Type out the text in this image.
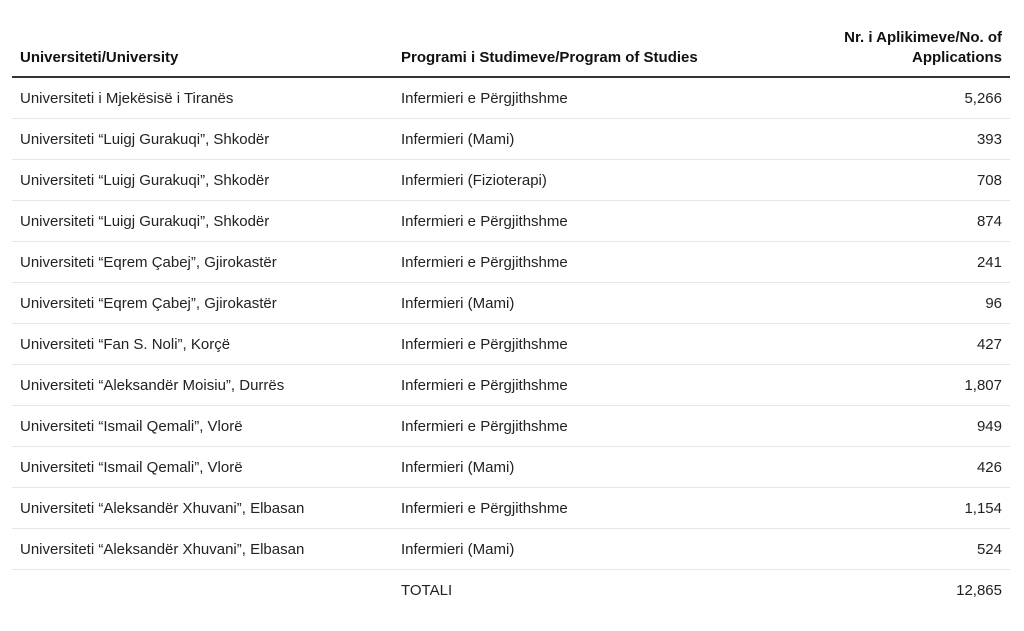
Universiteti/University	Programi i Studimeve/Program of Studies	Nr. i Aplikimeve/No. of Applications
Universiteti i Mjekësisë i Tiranës	Infermieri e Përgjithshme	5,266
Universiteti “Luigj Gurakuqi”, Shkodër	Infermieri (Mami)	393
Universiteti “Luigj Gurakuqi”, Shkodër	Infermieri (Fizioterapi)	708
Universiteti “Luigj Gurakuqi”, Shkodër	Infermieri e Përgjithshme	874
Universiteti “Eqrem Çabej”, Gjirokastër	Infermieri e Përgjithshme	241
Universiteti “Eqrem Çabej”, Gjirokastër	Infermieri (Mami)	96
Universiteti “Fan S. Noli”, Korçë	Infermieri e Përgjithshme	427
Universiteti “Aleksandër Moisiu”, Durrës	Infermieri e Përgjithshme	1,807
Universiteti “Ismail Qemali”, Vlorë	Infermieri e Përgjithshme	949
Universiteti “Ismail Qemali”, Vlorë	Infermieri (Mami)	426
Universiteti “Aleksandër Xhuvani”, Elbasan	Infermieri e Përgjithshme	1,154
Universiteti “Aleksandër Xhuvani”, Elbasan	Infermieri (Mami)	524
	TOTALI	12,865
